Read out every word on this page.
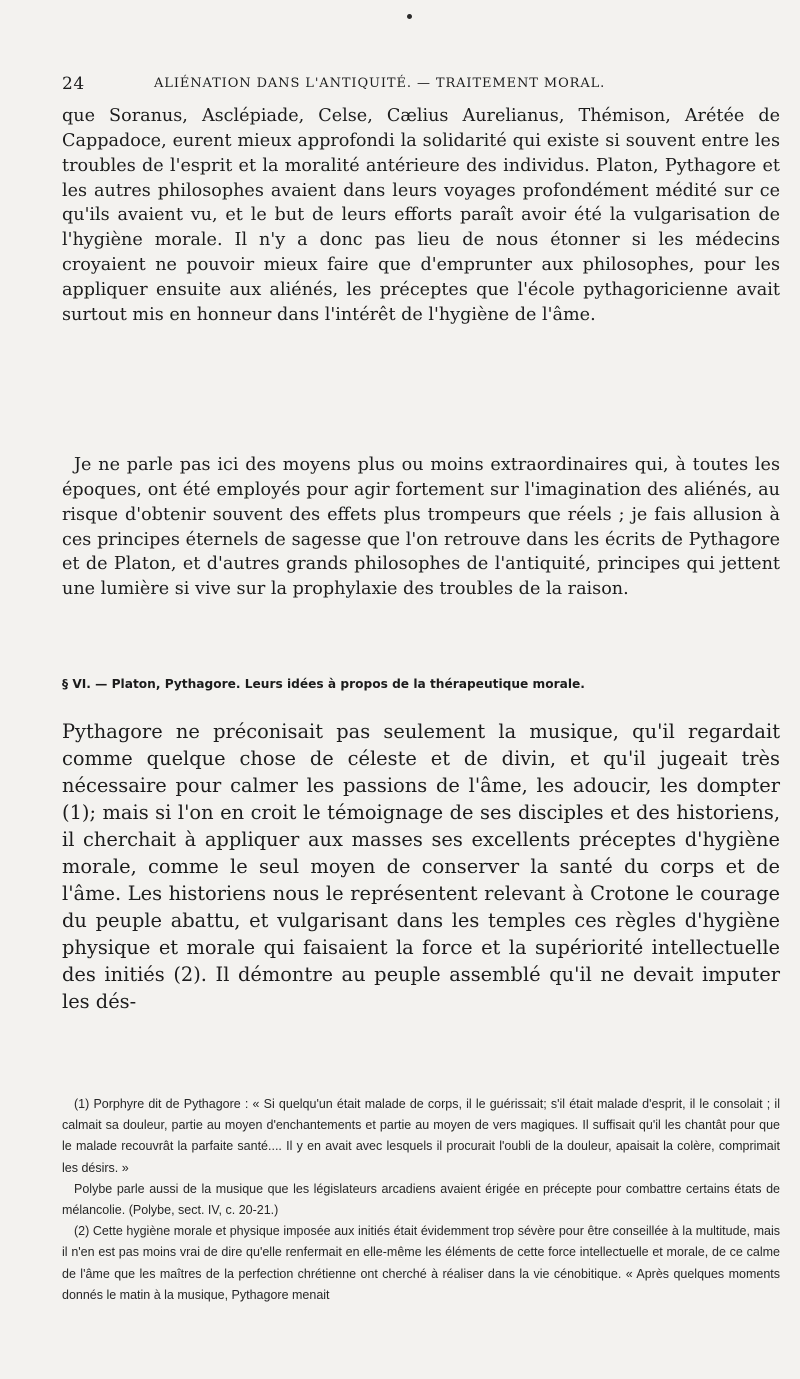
24	ALIÉNATION DANS L'ANTIQUITÉ. — TRAITEMENT MORAL.

que Soranus, Asclépiade, Celse, Cælius Aurelianus, Thémison, Arétée de Cappadoce, eurent mieux approfondi la solidarité qui existe si souvent entre les troubles de l'esprit et la moralité antérieure des individus. Platon, Pythagore et les autres philosophes avaient dans leurs voyages profondément médité sur ce qu'ils avaient vu, et le but de leurs efforts paraît avoir été la vulgarisation de l'hygiène morale. Il n'y a donc pas lieu de nous étonner si les médecins croyaient ne pouvoir mieux faire que d'emprunter aux philosophes, pour les appliquer ensuite aux aliénés, les préceptes que l'école pythagoricienne avait surtout mis en honneur dans l'intérêt de l'hygiène de l'âme.

Je ne parle pas ici des moyens plus ou moins extraordinaires qui, à toutes les époques, ont été employés pour agir fortement sur l'imagination des aliénés, au risque d'obtenir souvent des effets plus trompeurs que réels ; je fais allusion à ces principes éternels de sagesse que l'on retrouve dans les écrits de Pythagore et de Platon, et d'autres grands philosophes de l'antiquité, principes qui jettent une lumière si vive sur la prophylaxie des troubles de la raison.

§ VI. — Platon, Pythagore. Leurs idées à propos de la thérapeutique morale.

Pythagore ne préconisait pas seulement la musique, qu'il regardait comme quelque chose de céleste et de divin, et qu'il jugeait très nécessaire pour calmer les passions de l'âme, les adoucir, les dompter (1); mais si l'on en croit le témoignage de ses disciples et des historiens, il cherchait à appliquer aux masses ses excellents préceptes d'hygiène morale, comme le seul moyen de conserver la santé du corps et de l'âme. Les historiens nous le représentent relevant à Crotone le courage du peuple abattu, et vulgarisant dans les temples ces règles d'hygiène physique et morale qui faisaient la force et la supériorité intellectuelle des initiés (2). Il démontre au peuple assemblé qu'il ne devait imputer les dés-

(1) Porphyre dit de Pythagore : « Si quelqu'un était malade de corps, il le guérissait; s'il était malade d'esprit, il le consolait ; il calmait sa douleur, partie au moyen d'enchantements et partie au moyen de vers magiques. Il suffisait qu'il les chantât pour que le malade recouvrât la parfaite santé.... Il y en avait avec lesquels il procurait l'oubli de la douleur, apaisait la colère, comprimait les désirs. »

Polybe parle aussi de la musique que les législateurs arcadiens avaient érigée en précepte pour combattre certains états de mélancolie. (Polybe, sect. IV, c. 20-21.)

(2) Cette hygiène morale et physique imposée aux initiés était évidemment trop sévère pour être conseillée à la multitude, mais il n'en est pas moins vrai de dire qu'elle renfermait en elle-même les éléments de cette force intellectuelle et morale, de ce calme de l'âme que les maîtres de la perfection chrétienne ont cherché à réaliser dans la vie cénobitique. « Après quelques moments donnés le matin à la musique, Pythagore menait
